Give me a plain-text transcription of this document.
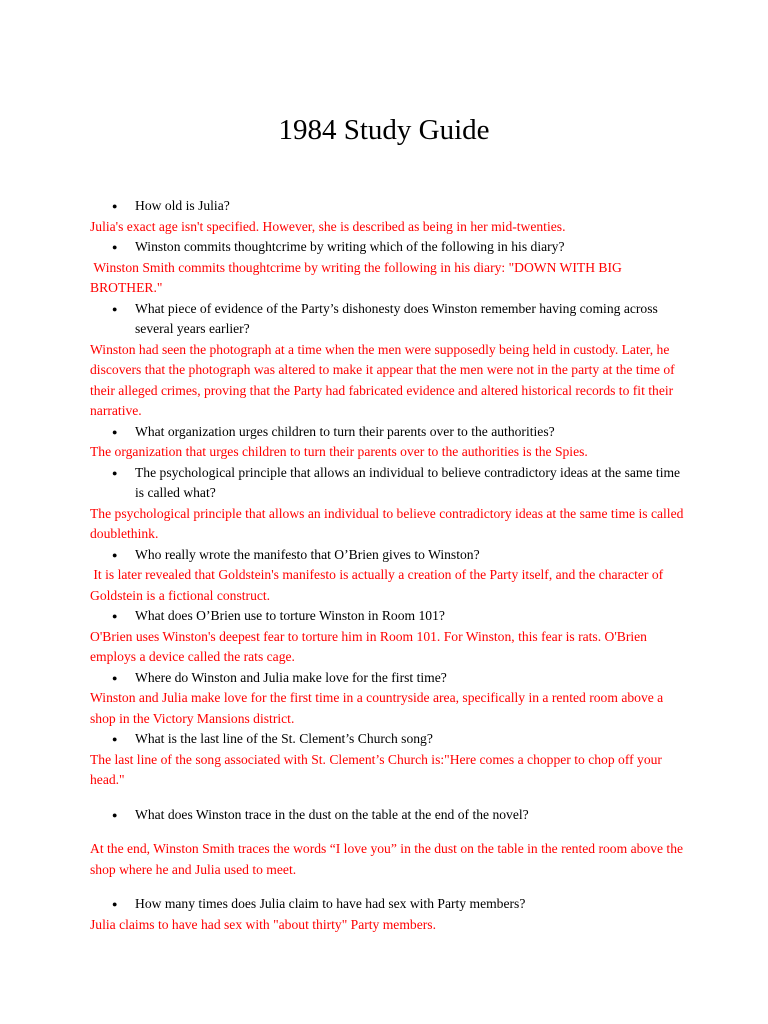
1984 Study Guide

● How old is Julia?

Julia's exact age isn't specified. However, she is described as being in her mid-twenties.

● Winston commits thoughtcrime by writing which of the following in his diary?

Winston Smith commits thoughtcrime by writing the following in his diary: "DOWN WITH BIG BROTHER."

● What piece of evidence of the Party’s dishonesty does Winston remember having coming across several years earlier?

Winston had seen the photograph at a time when the men were supposedly being held in custody. Later, he discovers that the photograph was altered to make it appear that the men were not in the party at the time of their alleged crimes, proving that the Party had fabricated evidence and altered historical records to fit their narrative.

● What organization urges children to turn their parents over to the authorities?

The organization that urges children to turn their parents over to the authorities is the Spies.

● The psychological principle that allows an individual to believe contradictory ideas at the same time is called what?

The psychological principle that allows an individual to believe contradictory ideas at the same time is called doublethink.

● Who really wrote the manifesto that O’Brien gives to Winston?

It is later revealed that Goldstein's manifesto is actually a creation of the Party itself, and the character of Goldstein is a fictional construct.

● What does O’Brien use to torture Winston in Room 101?

O'Brien uses Winston's deepest fear to torture him in Room 101. For Winston, this fear is rats. O'Brien employs a device called the rats cage.

● Where do Winston and Julia make love for the first time?

Winston and Julia make love for the first time in a countryside area, specifically in a rented room above a shop in the Victory Mansions district.

● What is the last line of the St. Clement’s Church song?

The last line of the song associated with St. Clement’s Church is:"Here comes a chopper to chop off your head."

● What does Winston trace in the dust on the table at the end of the novel?

At the end, Winston Smith traces the words “I love you” in the dust on the table in the rented room above the shop where he and Julia used to meet.

● How many times does Julia claim to have had sex with Party members?

Julia claims to have had sex with "about thirty" Party members.
